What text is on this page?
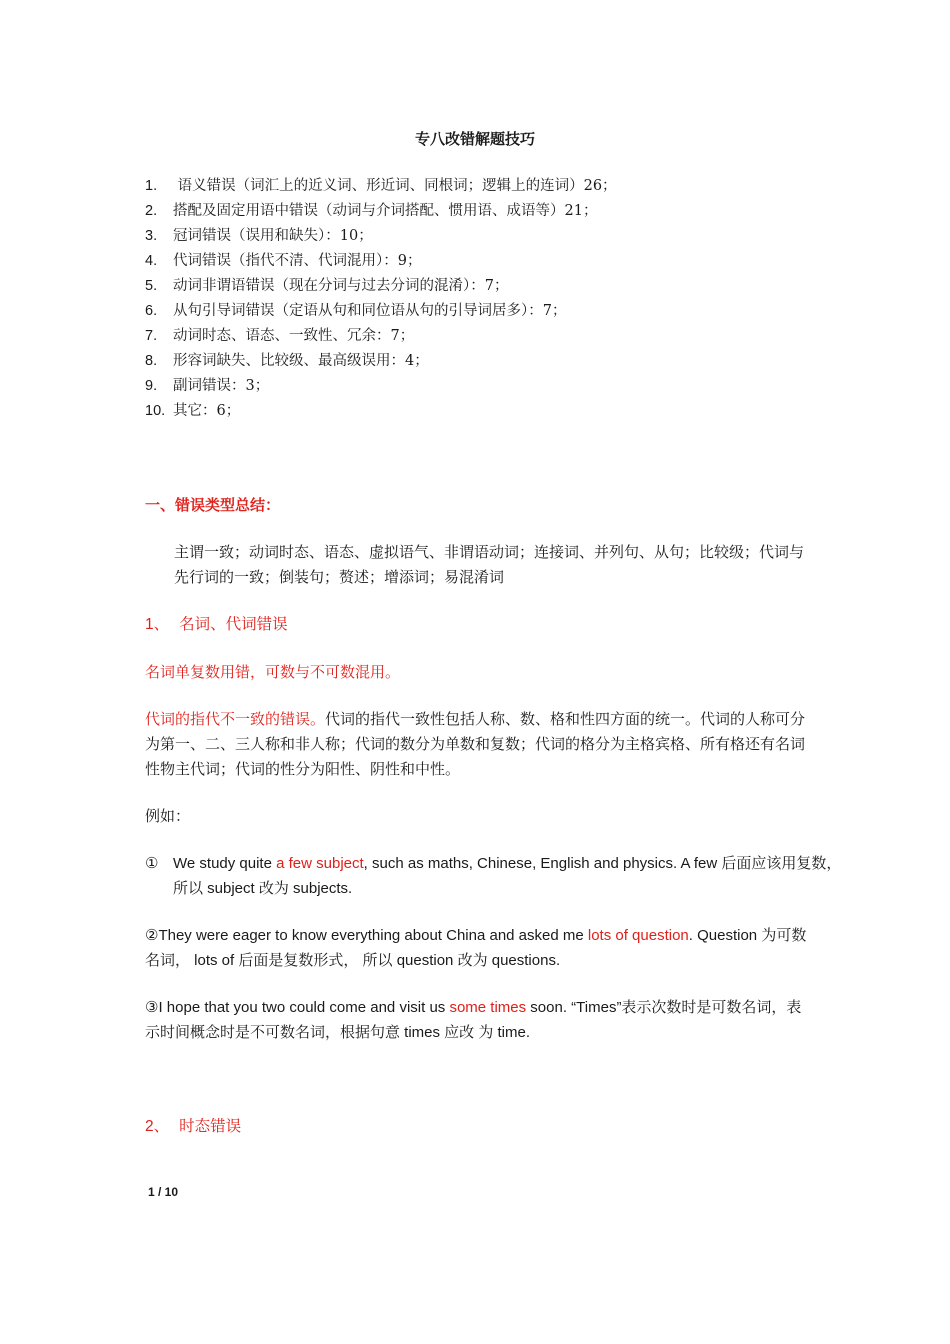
专八改错解题技巧
1. 语义错误（词汇上的近义词、形近词、同根词；逻辑上的连词）26；
2. 搭配及固定用语中错误（动词与介词搭配、惯用语、成语等）21；
3. 冠词错误（误用和缺失）：10；
4. 代词错误（指代不清、代词混用）：9；
5. 动词非谓语错误（现在分词与过去分词的混淆）：7；
6. 从句引导词错误（定语从句和同位语从句的引导词居多）：7；
7. 动词时态、语态、一致性、冗余：7；
8. 形容词缺失、比较级、最高级误用：4；
9. 副词错误：3；
10. 其它：6；
一、错误类型总结：
主谓一致；动词时态、语态、虚拟语气、非谓语动词；连接词、并列句、从句；比较级；代词与先行词的一致；倒装句；赘述；增添词；易混淆词
1、 名词、代词错误
名词单复数用错，可数与不可数混用。
代词的指代不一致的错误。代词的指代一致性包括人称、数、格和性四方面的统一。代词的人称可分为第一、二、三人称和非人称；代词的数分为单数和复数；代词的格分为主格宾格、所有格还有名词性物主代词；代词的性分为阳性、阴性和中性。
例如：
① We study quite a few subject, such as maths, Chinese, English and physics. A few 后面应该用复数，所以 subject 改为 subjects.
②They were eager to know everything about China and asked me lots of question. Question 为可数名词， lots of 后面是复数形式， 所以 question 改为 questions.
③I hope that you two could come and visit us some times soon. “Times”表示次数时是可数名词，表示时间概念时是不可数名词，根据句意 times 应改 为 time.
2、 时态错误
1 / 10
